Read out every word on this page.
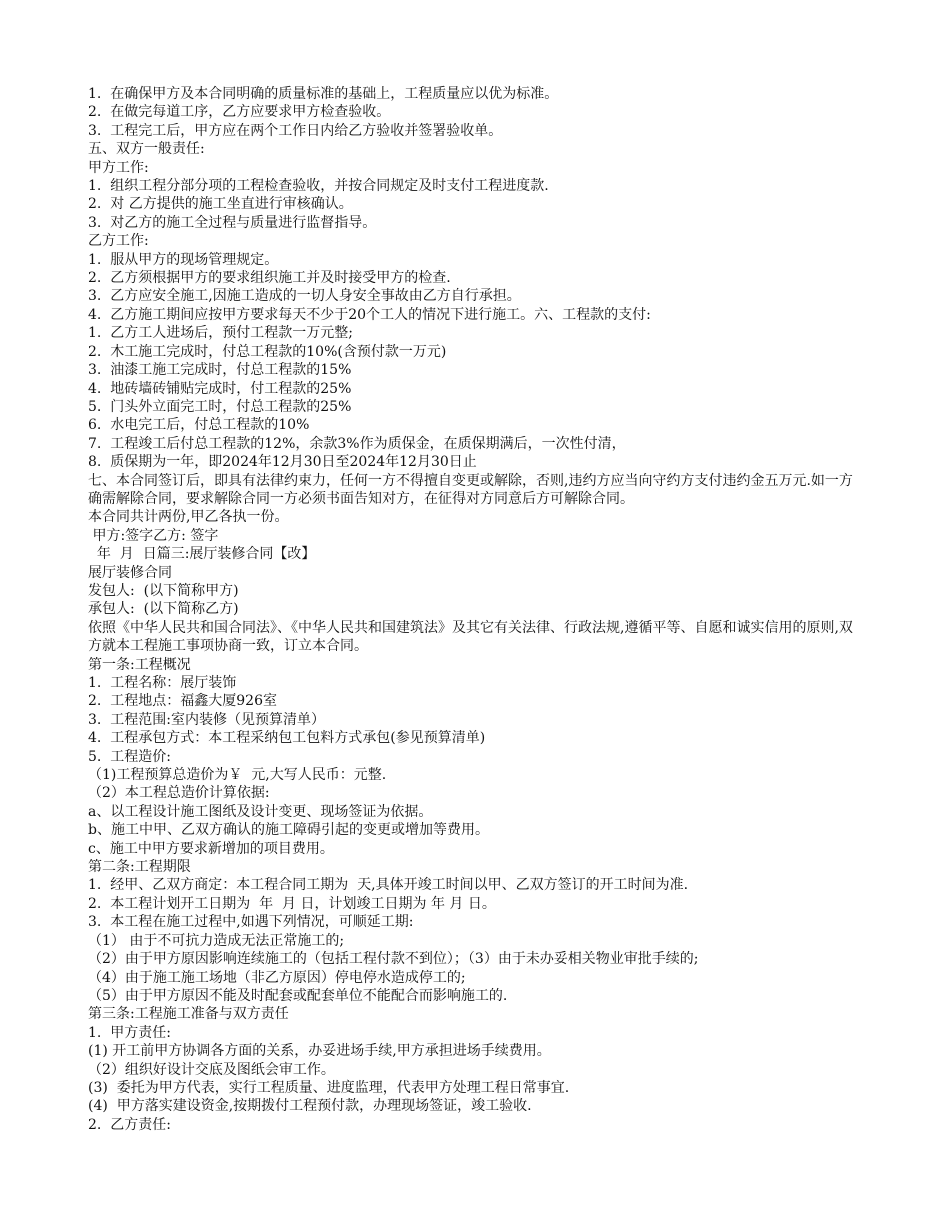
1.  在确保甲方及本合同明确的质量标准的基础上，工程质量应以优为标准。

2.  在做完每道工序，乙方应要求甲方检查验收。

3.  工程完工后，甲方应在两个工作日内给乙方验收并签署验收单。

五、双方一般责任:

甲方工作:

1.  组织工程分部分项的工程检查验收，并按合同规定及时支付工程进度款.

2.  对 乙方提供的施工坐直进行审核确认。

3.  对乙方的施工全过程与质量进行监督指导。

乙方工作:

1.  服从甲方的现场管理规定。

2.  乙方须根据甲方的要求组织施工并及时接受甲方的检查.

3.  乙方应安全施工,因施工造成的一切人身安全事故由乙方自行承担。

4.  乙方施工期间应按甲方要求每天不少于20个工人的情况下进行施工。六、工程款的支付:

1.  乙方工人进场后，预付工程款一万元整;

2.  木工施工完成时，付总工程款的10%(含预付款一万元)

3.  油漆工施工完成时，付总工程款的15%

4.  地砖墙砖铺贴完成时，付工程款的25%

5.  门头外立面完工时，付总工程款的25%

6.  水电完工后，付总工程款的10%

7.  工程竣工后付总工程款的12%，余款3%作为质保金，在质保期满后，一次性付清，

8.  质保期为一年，即2024年12月30日至2024年12月30日止

七、本合同签订后，即具有法律约束力，任何一方不得擅自变更或解除，否则,违约方应当向守约方支付违约金五万元.如一方确需解除合同，要求解除合同一方必须书面告知对方，在征得对方同意后方可解除合同。

本合同共计两份,甲乙各执一份。

甲方:签字乙方: 签字

年  月  日篇三:展厅装修合同【改】

展厅装修合同

发包人:  (以下简称甲方)

承包人:  (以下简称乙方)

依照《中华人民共和国合同法》、《中华人民共和国建筑法》及其它有关法律、行政法规,遵循平等、自愿和诚实信用的原则,双方就本工程施工事项协商一致，订立本合同。

第一条:工程概况

1.  工程名称：展厅装饰

2.  工程地点：福鑫大厦926室

3.  工程范围:室内装修（见预算清单）

4.  工程承包方式：本工程采纳包工包料方式承包(参见预算清单)

5.  工程造价:

（1)工程预算总造价为￥  元,大写人民币：元整.

（2）本工程总造价计算依据:

a、以工程设计施工图纸及设计变更、现场签证为依据。

b、施工中甲、乙双方确认的施工障碍引起的变更或增加等费用。

c、施工中甲方要求新增加的项目费用。

第二条:工程期限

1.  经甲、乙双方商定：本工程合同工期为  天,具体开竣工时间以甲、乙双方签订的开工时间为准.

2.  本工程计划开工日期为  年  月 日，计划竣工日期为 年 月 日。

3.  本工程在施工过程中,如遇下列情况，可顺延工期:

（1） 由于不可抗力造成无法正常施工的;

（2）由于甲方原因影响连续施工的（包括工程付款不到位）；（3）由于未办妥相关物业审批手续的;

（4）由于施工施工场地（非乙方原因）停电停水造成停工的;

（5）由于甲方原因不能及时配套或配套单位不能配合而影响施工的.

第三条:工程施工准备与双方责任

1.  甲方责任:

(1) 开工前甲方协调各方面的关系，办妥进场手续,甲方承担进场手续费用。

（2）组织好设计交底及图纸会审工作。

(3)  委托为甲方代表，实行工程质量、进度监理，代表甲方处理工程日常事宜.

(4)  甲方落实建设资金,按期拨付工程预付款，办理现场签证，竣工验收.

2.  乙方责任:
